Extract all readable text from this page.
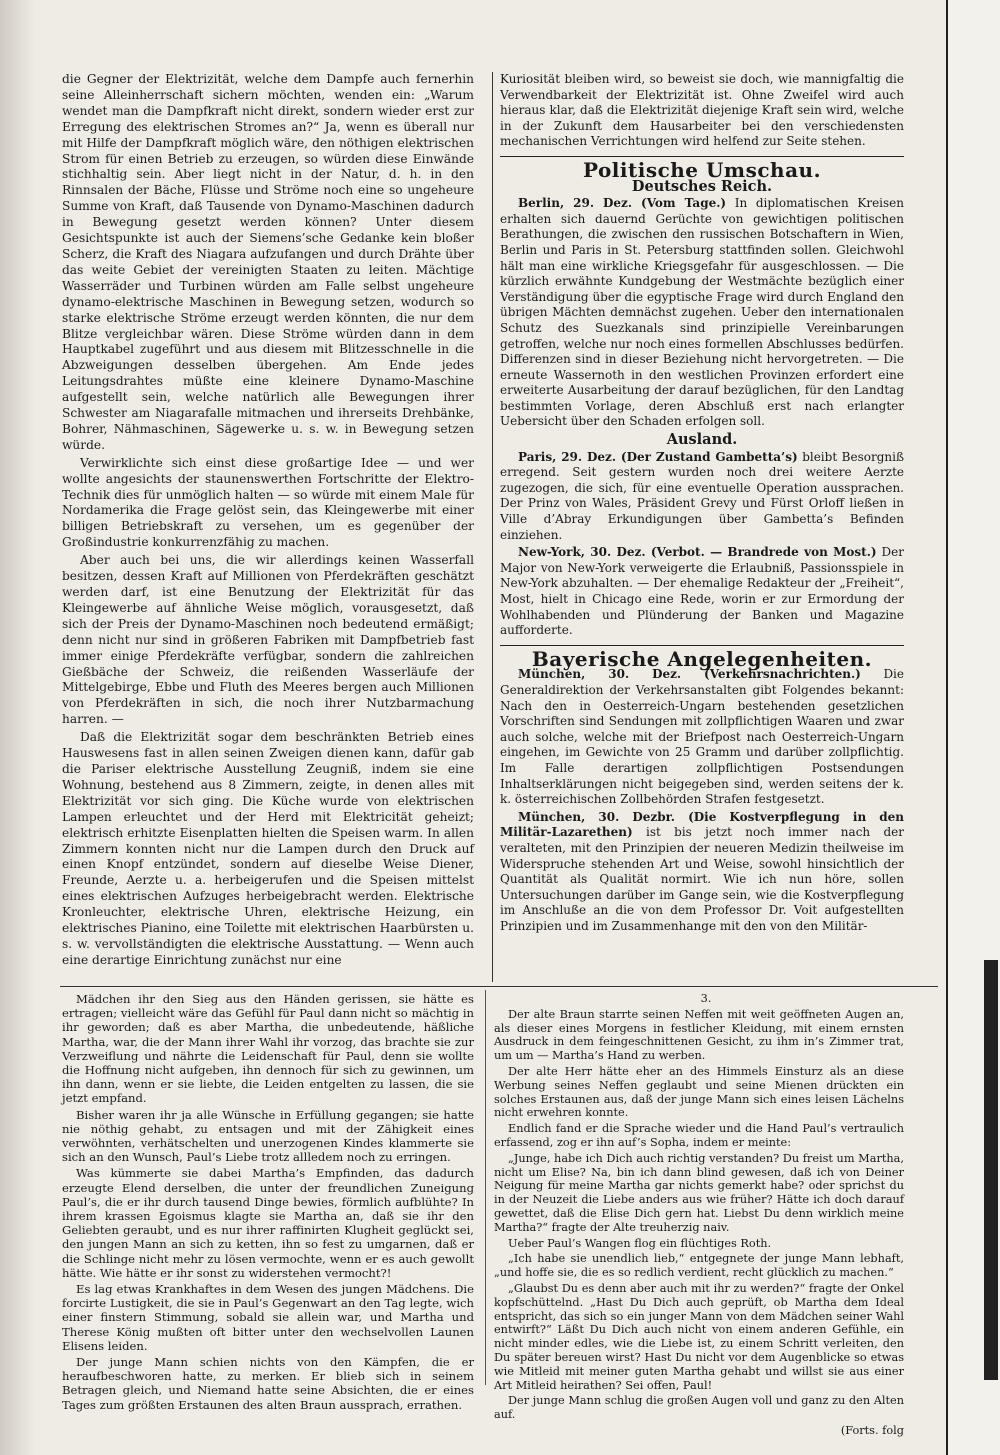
die Gegner der Elektrizität, welche dem Dampfe auch fernerhin seine Alleinherrschaft sichern möchten, wenden ein: „Warum wendet man die Dampfkraft nicht direkt, sondern wieder erst zur Erregung des elektrischen Stromes an?“ Ja, wenn es überall nur mit Hilfe der Dampfkraft möglich wäre, den nöthigen elektrischen Strom für einen Betrieb zu erzeugen, so würden diese Einwände stichhaltig sein. Aber liegt nicht in der Natur, d. h. in den Rinnsalen der Bäche, Flüsse und Ströme noch eine so ungeheure Summe von Kraft, daß Tausende von Dynamo-Maschinen dadurch in Bewegung gesetzt werden können? Unter diesem Gesichtspunkte ist auch der Siemens’sche Gedanke kein bloßer Scherz, die Kraft des Niagara aufzufangen und durch Drähte über das weite Gebiet der vereinigten Staaten zu leiten. Mächtige Wasserräder und Turbinen würden am Falle selbst ungeheure dynamo-elektrische Maschinen in Bewegung setzen, wodurch so starke elektrische Ströme erzeugt werden könnten, die nur dem Blitze vergleichbar wären. Diese Ströme würden dann in dem Hauptkabel zugeführt und aus diesem mit Blitzesschnelle in die Abzweigungen desselben übergehen. Am Ende jedes Leitungsdrahtes müßte eine kleinere Dynamo-Maschine aufgestellt sein, welche natürlich alle Bewegungen ihrer Schwester am Niagarafalle mitmachen und ihrerseits Drehbänke, Bohrer, Nähmaschinen, Sägewerke u. s. w. in Bewegung setzen würde.

Verwirklichte sich einst diese großartige Idee — und wer wollte angesichts der staunenswerthen Fortschritte der Elektro-Technik dies für unmöglich halten — so würde mit einem Male für Nordamerika die Frage gelöst sein, das Kleingewerbe mit einer billigen Betriebskraft zu versehen, um es gegenüber der Großindustrie konkurrenzfähig zu machen.

Aber auch bei uns, die wir allerdings keinen Wasserfall besitzen, dessen Kraft auf Millionen von Pferdekräften geschätzt werden darf, ist eine Benutzung der Elektrizität für das Kleingewerbe auf ähnliche Weise möglich, vorausgesetzt, daß sich der Preis der Dynamo-Maschinen noch bedeutend ermäßigt; denn nicht nur sind in größeren Fabriken mit Dampfbetrieb fast immer einige Pferdekräfte verfügbar, sondern die zahlreichen Gießbäche der Schweiz, die reißenden Wasserläufe der Mittelgebirge, Ebbe und Fluth des Meeres bergen auch Millionen von Pferdekräften in sich, die noch ihrer Nutzbarmachung harren. —

Daß die Elektrizität sogar dem beschränkten Betrieb eines Hauswesens fast in allen seinen Zweigen dienen kann, dafür gab die Pariser elektrische Ausstellung Zeugniß, indem sie eine Wohnung, bestehend aus 8 Zimmern, zeigte, in denen alles mit Elektrizität vor sich ging. Die Küche wurde von elektrischen Lampen erleuchtet und der Herd mit Elektricität geheizt; elektrisch erhitzte Eisenplatten hielten die Speisen warm. In allen Zimmern konnten nicht nur die Lampen durch den Druck auf einen Knopf entzündet, sondern auf dieselbe Weise Diener, Freunde, Aerzte u. a. herbeigerufen und die Speisen mittelst eines elektrischen Aufzuges herbeigebracht werden. Elektrische Kronleuchter, elektrische Uhren, elektrische Heizung, ein elektrisches Pianino, eine Toilette mit elektrischen Haarbürsten u. s. w. vervollständigten die elektrische Ausstattung. — Wenn auch eine derartige Einrichtung zunächst nur eine

Kuriosität bleiben wird, so beweist sie doch, wie mannigfaltig die Verwendbarkeit der Elektrizität ist. Ohne Zweifel wird auch hieraus klar, daß die Elektrizität diejenige Kraft sein wird, welche in der Zukunft dem Hausarbeiter bei den verschiedensten mechanischen Verrichtungen wird helfend zur Seite stehen.

Politische Umschau.
Deutsches Reich.

Berlin, 29. Dez. (Vom Tage.) In diplomatischen Kreisen erhalten sich dauernd Gerüchte von gewichtigen politischen Berathungen, die zwischen den russischen Botschaftern in Wien, Berlin und Paris in St. Petersburg stattfinden sollen. Gleichwohl hält man eine wirkliche Kriegsgefahr für ausgeschlossen. — Die kürzlich erwähnte Kundgebung der Westmächte bezüglich einer Verständigung über die egyptische Frage wird durch England den übrigen Mächten demnächst zugehen. Ueber den internationalen Schutz des Suezkanals sind prinzipielle Vereinbarungen getroffen, welche nur noch eines formellen Abschlusses bedürfen. Differenzen sind in dieser Beziehung nicht hervorgetreten. — Die erneute Wassernoth in den westlichen Provinzen erfordert eine erweiterte Ausarbeitung der darauf bezüglichen, für den Landtag bestimmten Vorlage, deren Abschluß erst nach erlangter Uebersicht über den Schaden erfolgen soll.

Ausland.

Paris, 29. Dez. (Der Zustand Gambetta’s) bleibt Besorgniß erregend. Seit gestern wurden noch drei weitere Aerzte zugezogen, die sich, für eine eventuelle Operation aussprachen. Der Prinz von Wales, Präsident Grevy und Fürst Orloff ließen in Ville d’Abray Erkundigungen über Gambetta’s Befinden einziehen.

New-York, 30. Dez. (Verbot. — Brandrede von Most.) Der Major von New-York verweigerte die Erlaubniß, Passionsspiele in New-York abzuhalten. — Der ehemalige Redakteur der „Freiheit“, Most, hielt in Chicago eine Rede, worin er zur Ermordung der Wohlhabenden und Plünderung der Banken und Magazine aufforderte.

Bayerische Angelegenheiten.

München, 30. Dez. (Verkehrsnachrichten.) Die Generaldirektion der Verkehrsanstalten gibt Folgendes bekannt: Nach den in Oesterreich-Ungarn bestehenden gesetzlichen Vorschriften sind Sendungen mit zollpflichtigen Waaren und zwar auch solche, welche mit der Briefpost nach Oesterreich-Ungarn eingehen, im Gewichte von 25 Gramm und darüber zollpflichtig. Im Falle derartigen zollpflichtigen Postsendungen Inhaltserklärungen nicht beigegeben sind, werden seitens der k. k. österreichischen Zollbehörden Strafen festgesetzt.

München, 30. Dezbr. (Die Kostverpflegung in den Militär-Lazarethen) ist bis jetzt noch immer nach der veralteten, mit den Prinzipien der neueren Medizin theilweise im Widerspruche stehenden Art und Weise, sowohl hinsichtlich der Quantität als Qualität normirt. Wie ich nun höre, sollen Untersuchungen darüber im Gange sein, wie die Kostverpflegung im Anschluße an die von dem Professor Dr. Voit aufgestellten Prinzipien und im Zusammenhange mit den von den Militär-

Mädchen ihr den Sieg aus den Händen gerissen, sie hätte es ertragen; vielleicht wäre das Gefühl für Paul dann nicht so mächtig in ihr geworden; daß es aber Martha, die unbedeutende, häßliche Martha, war, die der Mann ihrer Wahl ihr vorzog, das brachte sie zur Verzweiflung und nährte die Leidenschaft für Paul, denn sie wollte die Hoffnung nicht aufgeben, ihn dennoch für sich zu gewinnen, um ihn dann, wenn er sie liebte, die Leiden entgelten zu lassen, die sie jetzt empfand.

Bisher waren ihr ja alle Wünsche in Erfüllung gegangen; sie hatte nie nöthig gehabt, zu entsagen und mit der Zähigkeit eines verwöhnten, verhätschelten und unerzogenen Kindes klammerte sie sich an den Wunsch, Paul’s Liebe trotz allledem noch zu erringen.

Was kümmerte sie dabei Martha’s Empfinden, das dadurch erzeugte Elend derselben, die unter der freundlichen Zuneigung Paul’s, die er ihr durch tausend Dinge bewies, förmlich aufblühte? In ihrem krassen Egoismus klagte sie Martha an, daß sie ihr den Geliebten geraubt, und es nur ihrer raffinirten Klugheit geglückt sei, den jungen Mann an sich zu ketten, ihn so fest zu umgarnen, daß er die Schlinge nicht mehr zu lösen vermochte, wenn er es auch gewollt hätte. Wie hätte er ihr sonst zu widerstehen vermocht?!

Es lag etwas Krankhaftes in dem Wesen des jungen Mädchens. Die forcirte Lustigkeit, die sie in Paul’s Gegenwart an den Tag legte, wich einer finstern Stimmung, sobald sie allein war, und Martha und Therese König mußten oft bitter unter den wechselvollen Launen Elisens leiden.

Der junge Mann schien nichts von den Kämpfen, die er heraufbeschworen hatte, zu merken. Er blieb sich in seinem Betragen gleich, und Niemand hatte seine Absichten, die er eines Tages zum größten Erstaunen des alten Braun aussprach, errathen.

3.

Der alte Braun starrte seinen Neffen mit weit geöffneten Augen an, als dieser eines Morgens in festlicher Kleidung, mit einem ernsten Ausdruck in dem feingeschnittenen Gesicht, zu ihm in’s Zimmer trat, um um — Martha’s Hand zu werben.

Der alte Herr hätte eher an des Himmels Einsturz als an diese Werbung seines Neffen geglaubt und seine Mienen drückten ein solches Erstaunen aus, daß der junge Mann sich eines leisen Lächelns nicht erwehren konnte.

Endlich fand er die Sprache wieder und die Hand Paul’s vertraulich erfassend, zog er ihn auf’s Sopha, indem er meinte:

„Junge, habe ich Dich auch richtig verstanden? Du freist um Martha, nicht um Elise? Na, bin ich dann blind gewesen, daß ich von Deiner Neigung für meine Martha gar nichts gemerkt habe? oder sprichst du in der Neuzeit die Liebe anders aus wie früher? Hätte ich doch darauf gewettet, daß die Elise Dich gern hat. Liebst Du denn wirklich meine Martha?“ fragte der Alte treuherzig naiv.

Ueber Paul’s Wangen flog ein flüchtiges Roth.

„Ich habe sie unendlich lieb,“ entgegnete der junge Mann lebhaft, „und hoffe sie, die es so redlich verdient, recht glücklich zu machen.“

„Glaubst Du es denn aber auch mit ihr zu werden?“ fragte der Onkel kopfschüttelnd. „Hast Du Dich auch geprüft, ob Martha dem Ideal entspricht, das sich so ein junger Mann von dem Mädchen seiner Wahl entwirft?“ Läßt Du Dich auch nicht von einem anderen Gefühle, ein nicht minder edles, wie die Liebe ist, zu einem Schritt verleiten, den Du später bereuen wirst? Hast Du nicht vor dem Augenblicke so etwas wie Mitleid mit meiner guten Martha gehabt und willst sie aus einer Art Mitleid heirathen? Sei offen, Paul!

Der junge Mann schlug die großen Augen voll und ganz zu den Alten auf.

(Forts. folg
